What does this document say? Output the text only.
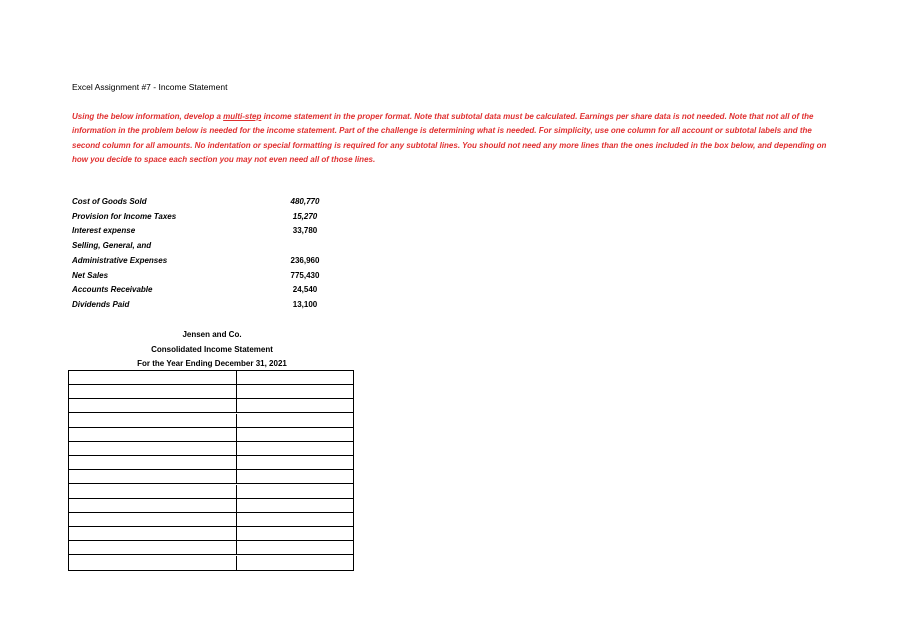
Excel Assignment #7 - Income Statement
Using the below information, develop a multi-step income statement in the proper format. Note that subtotal data must be calculated. Earnings per share data is not needed. Note that not all of the information in the problem below is needed for the income statement. Part of the challenge is determining what is needed. For simplicity, use one column for all account or subtotal labels and the second column for all amounts. No indentation or special formatting is required for any subtotal lines. You should not need any more lines than the ones included in the box below, and depending on how you decide to space each section you may not even need all of those lines.
Cost of Goods Sold	480,770
Provision for Income Taxes	15,270
Interest expense	33,780
Selling, General, and
Administrative Expenses	236,960
Net Sales	775,430
Accounts Receivable	24,540
Dividends Paid	13,100
Jensen and Co.
Consolidated Income Statement
For the Year Ending December 31, 2021
